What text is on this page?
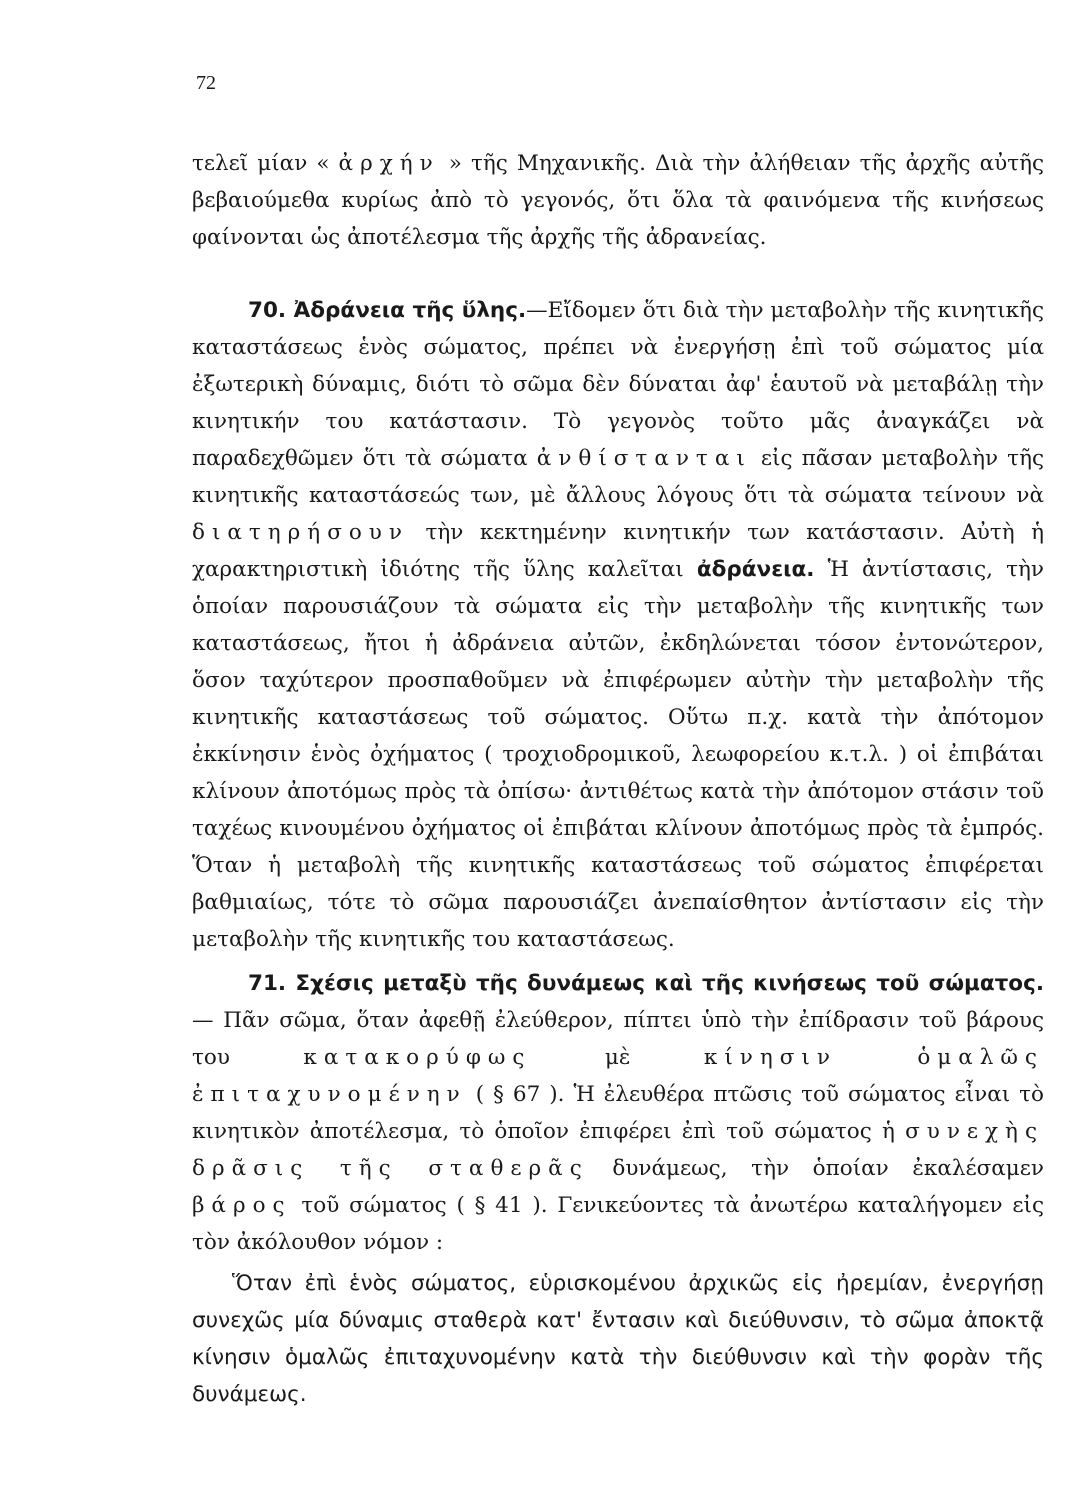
72

τελεῖ μίαν « ἀρχήν » τῆς Μηχανικῆς. Διὰ τὴν ἀλήθειαν τῆς ἀρχῆς αὐτῆς βεβαιούμεθα κυρίως ἀπὸ τὸ γεγονός, ὅτι ὅλα τὰ φαινόμενα τῆς κινήσεως φαίνονται ὡς ἀποτέλεσμα τῆς ἀρχῆς τῆς ἀδρανείας.

70. Ἀδράνεια τῆς ὕλης.—Εἴδομεν ὅτι διὰ τὴν μεταβολὴν τῆς κινητικῆς καταστάσεως ἑνὸς σώματος, πρέπει νὰ ἐνεργήσῃ ἐπὶ τοῦ σώματος μία ἐξωτερικὴ δύναμις, διότι τὸ σῶμα δὲν δύναται ἀφ' ἑαυτοῦ νὰ μεταβάλῃ τὴν κινητικήν του κατάστασιν. Τὸ γεγονὸς τοῦτο μᾶς ἀναγκάζει νὰ παραδεχθῶμεν ὅτι τὰ σώματα ἀνθίστανται εἰς πᾶσαν μεταβολὴν τῆς κινητικῆς καταστάσεώς των, μὲ ἄλλους λόγους ὅτι τὰ σώματα τείνουν νὰ διατηρήσουν τὴν κεκτημένην κινητικήν των κατάστασιν. Αὐτὴ ἡ χαρακτηριστικὴ ἰδιότης τῆς ὕλης καλεῖται ἀδράνεια. Ἡ ἀντίστασις, τὴν ὁποίαν παρουσιάζουν τὰ σώματα εἰς τὴν μεταβολὴν τῆς κινητικῆς των καταστάσεως, ἤτοι ἡ ἀδράνεια αὐτῶν, ἐκδηλώνεται τόσον ἐντονώτερον, ὅσον ταχύτερον προσπαθοῦμεν νὰ ἐπιφέρωμεν αὐτὴν τὴν μεταβολὴν τῆς κινητικῆς καταστάσεως τοῦ σώματος. Οὕτω π.χ. κατὰ τὴν ἀπότομον ἐκκίνησιν ἑνὸς ὀχήματος ( τροχιοδρομικοῦ, λεωφορείου κ.τ.λ. ) οἱ ἐπιβάται κλίνουν ἀποτόμως πρὸς τὰ ὀπίσω· ἀντιθέτως κατὰ τὴν ἀπότομον στάσιν τοῦ ταχέως κινουμένου ὀχήματος οἱ ἐπιβάται κλίνουν ἀποτόμως πρὸς τὰ ἐμπρός. Ὅταν ἡ μεταβολὴ τῆς κινητικῆς καταστάσεως τοῦ σώματος ἐπιφέρεται βαθμιαίως, τότε τὸ σῶμα παρουσιάζει ἀνεπαίσθητον ἀντίστασιν εἰς τὴν μεταβολὴν τῆς κινητικῆς του καταστάσεως.

71. Σχέσις μεταξὺ τῆς δυνάμεως καὶ τῆς κινήσεως τοῦ σώματος.— Πᾶν σῶμα, ὅταν ἀφεθῇ ἐλεύθερον, πίπτει ὑπὸ τὴν ἐπίδρασιν τοῦ βάρους του	κατακορύφως	μὲ	κίνησιν ὁμαλῶς ἐπιταχυνομένην ( § 67 ). Ἡ ἐλευθέρα πτῶσις τοῦ σώματος εἶναι τὸ κινητικὸν ἀποτέλεσμα, τὸ ὁποῖον ἐπιφέρει ἐπὶ τοῦ σώματος ἡ συνεχὴς δρᾶσις τῆς σταθερᾶς δυνάμεως, τὴν ὁποίαν ἐκαλέσαμεν βάρος τοῦ σώματος ( § 41 ). Γενικεύοντες τὰ ἀνωτέρω καταλήγομεν εἰς τὸν ἀκόλουθον νόμον :

Ὅταν ἐπὶ ἑνὸς σώματος, εὑρισκομένου ἀρχικῶς εἰς ἠρεμίαν, ἐνεργήσῃ συνεχῶς μία δύναμις σταθερὰ κατ' ἔντασιν καὶ διεύθυνσιν, τὸ σῶμα ἀποκτᾷ κίνησιν ὁμαλῶς ἐπιταχυνομένην κατὰ τὴν διεύθυνσιν καὶ τὴν φορὰν τῆς δυνάμεως.
